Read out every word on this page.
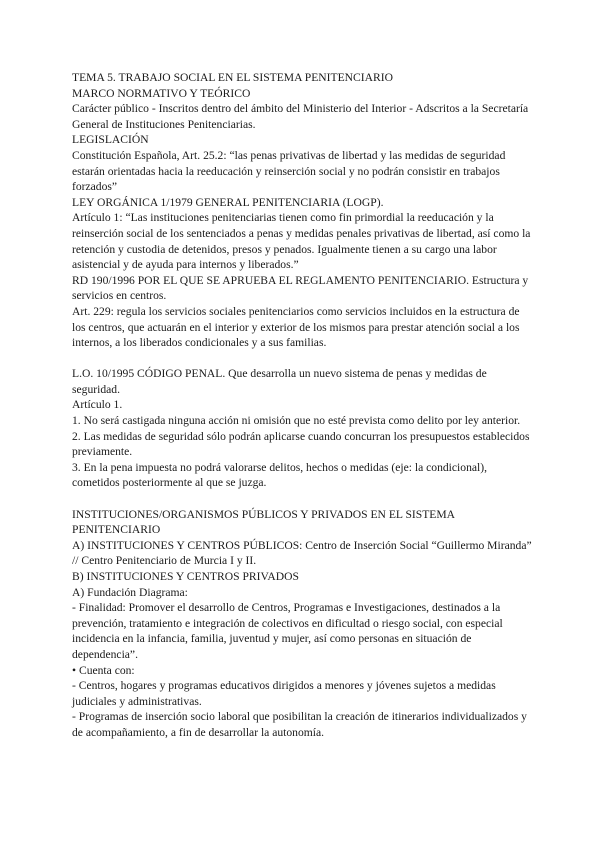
TEMA 5. TRABAJO SOCIAL EN EL SISTEMA PENITENCIARIO
MARCO NORMATIVO Y TEÓRICO
Carácter público - Inscritos dentro del ámbito del Ministerio del Interior - Adscritos a la Secretaría General de Instituciones Penitenciarias.
LEGISLACIÓN
Constitución Española, Art. 25.2: “las penas privativas de libertad y las medidas de seguridad estarán orientadas hacia la reeducación y reinserción social y no podrán consistir en trabajos forzados”
LEY ORGÁNICA 1/1979 GENERAL PENITENCIARIA (LOGP).
Artículo 1: “Las instituciones penitenciarias tienen como fin primordial la reeducación y la reinserción social de los sentenciados a penas y medidas penales privativas de libertad, así como la retención y custodia de detenidos, presos y penados. Igualmente tienen a su cargo una labor asistencial y de ayuda para internos y liberados.”
RD 190/1996 POR EL QUE SE APRUEBA EL REGLAMENTO PENITENCIARIO. Estructura y servicios en centros.
Art. 229: regula los servicios sociales penitenciarios como servicios incluidos en la estructura de los centros, que actuarán en el interior y exterior de los mismos para prestar atención social a los internos, a los liberados condicionales y a sus familias.
L.O. 10/1995 CÓDIGO PENAL. Que desarrolla un nuevo sistema de penas y medidas de seguridad.
Artículo 1.
1. No será castigada ninguna acción ni omisión que no esté prevista como delito por ley anterior.
2. Las medidas de seguridad sólo podrán aplicarse cuando concurran los presupuestos establecidos previamente.
3. En la pena impuesta no podrá valorarse delitos, hechos o medidas (eje: la condicional), cometidos posteriormente al que se juzga.
INSTITUCIONES/ORGANISMOS PÚBLICOS Y PRIVADOS EN EL SISTEMA PENITENCIARIO
A) INSTITUCIONES Y CENTROS PÚBLICOS: Centro de Inserción Social “Guillermo Miranda” // Centro Penitenciario de Murcia I y II.
B) INSTITUCIONES Y CENTROS PRIVADOS
A) Fundación Diagrama:
- Finalidad: Promover el desarrollo de Centros, Programas e Investigaciones, destinados a la prevención, tratamiento e integración de colectivos en dificultad o riesgo social, con especial incidencia en la infancia, familia, juventud y mujer, así como personas en situación de dependencia”.
• Cuenta con:
- Centros, hogares y programas educativos dirigidos a menores y jóvenes sujetos a medidas judiciales y administrativas.
- Programas de inserción socio laboral que posibilitan la creación de itinerarios individualizados y de acompañamiento, a fin de desarrollar la autonomía.
